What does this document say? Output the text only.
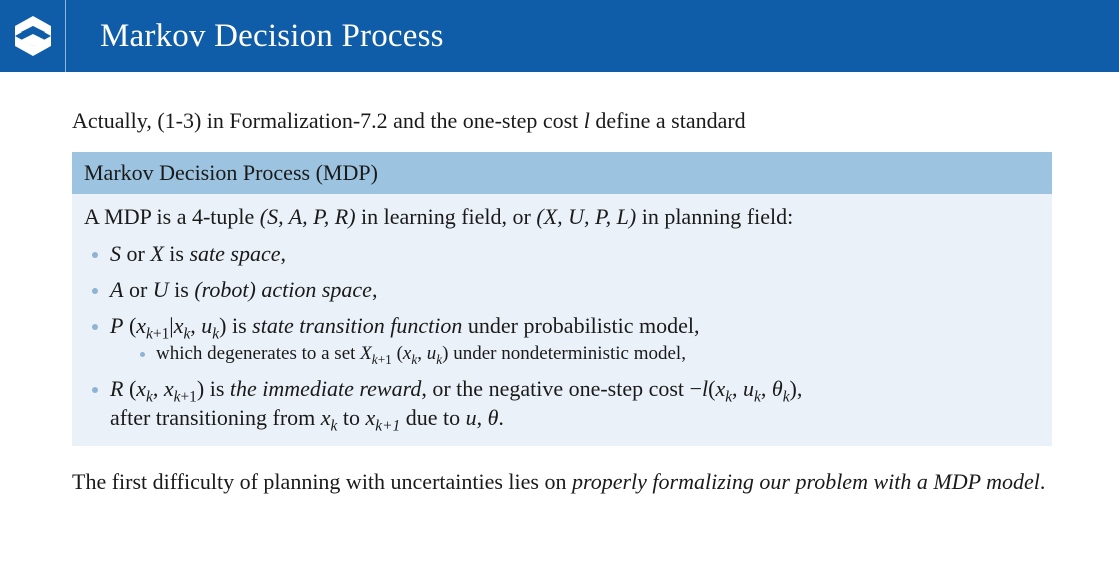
Markov Decision Process
Actually, (1-3) in Formalization-7.2 and the one-step cost l define a standard
Markov Decision Process (MDP)
A MDP is a 4-tuple (S, A, P, R) in learning field, or (X, U, P, L) in planning field:
S or X is sate space,
A or U is (robot) action space,
P ($x_{k+1}|x_k$, $u_k$) is state transition function under probabilistic model,
which degenerates to a set $X_{k+1}$ ($x_k$, $u_k$) under nondeterministic model,
R ($x_k$, $x_{k+1}$) is the immediate reward, or the negative one-step $\cos t -l(x_k$, $u_k$, $\theta_k$),
after transitioning from $x_k$ to $x_{k+1}$ due to u, θ.
The first difficulty of planning with uncertainties lies on properly formalizing our problem with a MDP model.
